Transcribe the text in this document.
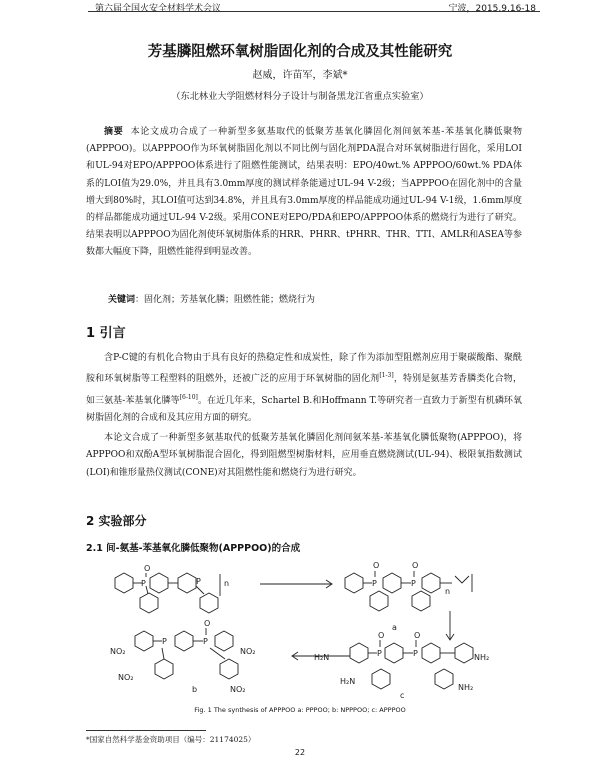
第六届全国火安全材料学术会议	宁波，2015.9.16-18
芳基膦阻燃环氧树脂固化剂的合成及其性能研究
赵威，许苗军，李斌*
（东北林业大学阻燃材料分子设计与制备黑龙江省重点实验室）

摘要 本论文成功合成了一种新型多氨基取代的低聚芳基氧化膦固化剂间氨苯基-苯基氧化膦低聚物(APPPOO)。以APPPOO作为环氧树脂固化剂以不同比例与固化剂PDA混合对环氧树脂进行固化，采用LOI和UL-94对EPO/APPPOO体系进行了阻燃性能测试，结果表明：EPO/40wt.% APPPOO/60wt.% PDA体系的LOI值为29.0%，并且具有3.0mm厚度的测试样条能通过UL-94 V-2级；当APPPOO在固化剂中的含量增大到80%时，其LOI值可达到34.8%，并且具有3.0mm厚度的样品能成功通过UL-94 V-1级，1.6mm厚度的样品都能成功通过UL-94 V-2级。采用CONE对EPO/PDA和EPO/APPPOO体系的燃烧行为进行了研究。结果表明以APPPOO为固化剂使环氧树脂体系的HRR、PHRR、tPHRR、THR、TTI、AMLR和ASEA等参数都大幅度下降，阻燃性能得到明显改善。

关键词：固化剂；芳基氧化膦；阻燃性能；燃烧行为
1 引言

含P-C键的有机化合物由于具有良好的热稳定性和成炭性，除了作为添加型阻燃剂应用于聚碳酸酯、聚酰胺和环氧树脂等工程塑料的阻燃外，还被广泛的应用于环氧树脂的固化剂[1-3]，特别是氨基芳香膦类化合物，如三氨基-苯基氧化膦等[6-10]。在近几年来，Schartel B.和Hoffmann T.等研究者一直致力于新型有机磷环氧树脂固化剂的合成和及其应用方面的研究。

本论文合成了一种新型多氨基取代的低聚芳基氧化膦固化剂间氨苯基-苯基氧化膦低聚物(APPPOO)，将APPPOO和双酚A型环氧树脂混合固化，得到阻燃型树脂材料，应用垂直燃烧测试(UL-94)、极限氧指数测试(LOI)和锥形量热仪测试(CONE)对其阻燃性能和燃烧行为进行研究。

2 实验部分
2.1 间-氨基-苯基氧化膦低聚物(APPPOO)的合成
P
O
P	n	P	P
O	O
n
a
P	P
O
NO₂
NO₂
NO₂
NO₂
b
P	P
O	O
H₂N	NH₂
H₂N
NH₂
c
Fig. 1 The synthesis of APPPOO a: PPPOO; b: NPPPOO; c: APPPOO
*国家自然科学基金资助项目（编号：21174025）
22
